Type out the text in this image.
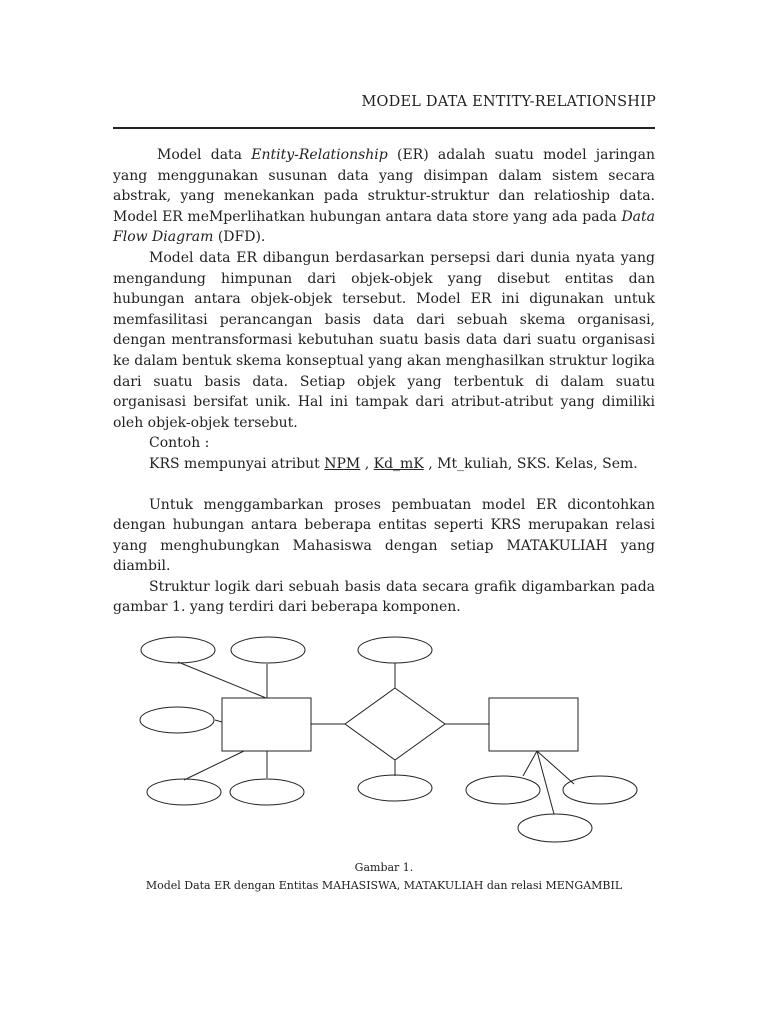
MODEL DATA ENTITY-RELATIONSHIP

Model data Entity-Relationship (ER) adalah suatu model jaringan yang menggunakan susunan data yang disimpan dalam sistem secara abstrak, yang menekankan pada struktur-struktur dan relatioship data. Model ER meMperlihatkan hubungan antara data store yang ada pada Data Flow Diagram (DFD).

Model data ER dibangun berdasarkan persepsi dari dunia nyata yang mengandung himpunan dari objek-objek yang disebut entitas dan hubungan antara objek-objek tersebut. Model ER ini digunakan untuk memfasilitasi perancangan basis data dari sebuah skema organisasi, dengan mentransformasi kebutuhan suatu basis data dari suatu organisasi ke dalam bentuk skema konseptual yang akan menghasilkan struktur logika dari suatu basis data. Setiap objek yang terbentuk di dalam suatu organisasi bersifat unik. Hal ini tampak dari atribut-atribut yang dimiliki oleh objek-objek tersebut.

Contoh :

KRS mempunyai atribut NPM , Kd_mK , Mt_kuliah, SKS. Kelas, Sem.

Untuk menggambarkan proses pembuatan model ER dicontohkan dengan hubungan antara beberapa entitas seperti KRS merupakan relasi yang menghubungkan Mahasiswa dengan setiap MATAKULIAH yang diambil.

Struktur logik dari sebuah basis data secara grafik digambarkan pada gambar 1. yang terdiri dari beberapa komponen.

Gambar 1.
Model Data ER dengan Entitas MAHASISWA, MATAKULIAH dan relasi MENGAMBIL
